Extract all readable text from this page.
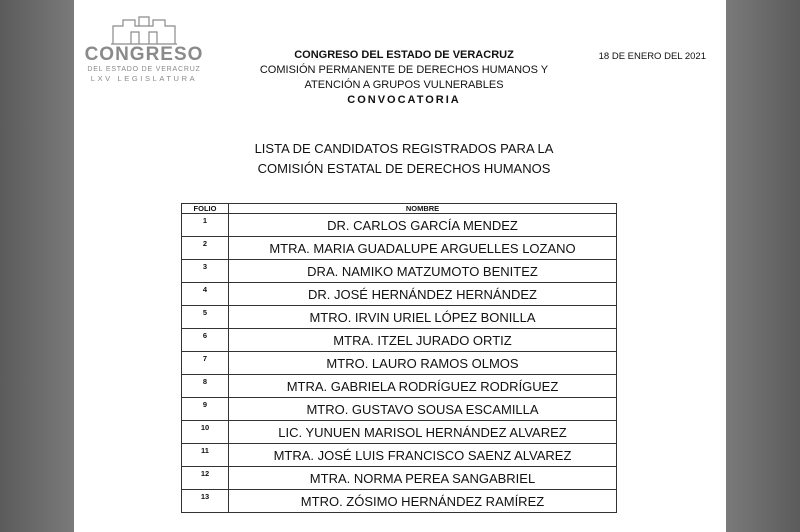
CONGRESO
DEL ESTADO DE VERACRUZ
LXV LEGISLATURA
CONGRESO DEL ESTADO DE VERACRUZ
COMISIÓN PERMANENTE DE DERECHOS HUMANOS Y
ATENCIÓN A GRUPOS VULNERABLES
CONVOCATORIA
18 DE ENERO DEL 2021
LISTA DE CANDIDATOS REGISTRADOS PARA LA
COMISIÓN ESTATAL DE DERECHOS HUMANOS
FOLIO	NOMBRE
1	DR. CARLOS GARCÍA MENDEZ
2	MTRA. MARIA GUADALUPE ARGUELLES LOZANO
3	DRA. NAMIKO MATZUMOTO BENITEZ
4	DR. JOSÉ HERNÁNDEZ HERNÁNDEZ
5	MTRO. IRVIN URIEL LÓPEZ BONILLA
6	MTRA. ITZEL JURADO ORTIZ
7	MTRO. LAURO RAMOS OLMOS
8	MTRA. GABRIELA RODRÍGUEZ RODRÍGUEZ
9	MTRO. GUSTAVO SOUSA ESCAMILLA
10	LIC. YUNUEN MARISOL HERNÁNDEZ ALVAREZ
11	MTRA. JOSÉ LUIS FRANCISCO SAENZ ALVAREZ
12	MTRA. NORMA PEREA SANGABRIEL
13	MTRO. ZÓSIMO HERNÁNDEZ RAMÍREZ
